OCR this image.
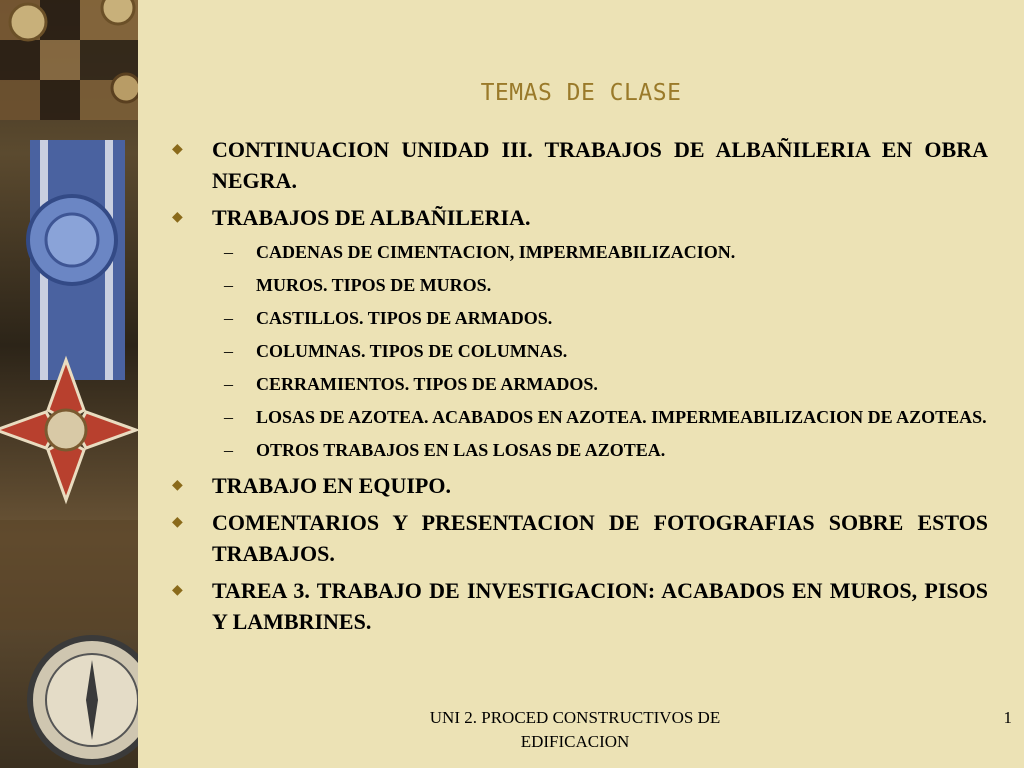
TEMAS DE CLASE
◆ CONTINUACION UNIDAD III. TRABAJOS DE ALBAÑILERIA EN OBRA NEGRA.
◆ TRABAJOS DE ALBAÑILERIA.
– CADENAS DE CIMENTACION, IMPERMEABILIZACION.
– MUROS. TIPOS DE MUROS.
– CASTILLOS. TIPOS DE ARMADOS.
– COLUMNAS. TIPOS DE COLUMNAS.
– CERRAMIENTOS. TIPOS DE ARMADOS.
– LOSAS DE AZOTEA. ACABADOS EN AZOTEA. IMPERMEABILIZACION DE AZOTEAS.
– OTROS TRABAJOS EN LAS LOSAS DE AZOTEA.
◆ TRABAJO EN EQUIPO.
◆ COMENTARIOS Y PRESENTACION DE FOTOGRAFIAS SOBRE ESTOS TRABAJOS.
◆ TAREA 3. TRABAJO DE INVESTIGACION: ACABADOS EN MUROS, PISOS Y LAMBRINES.
UNI 2. PROCED CONSTRUCTIVOS DE EDIFICACION
1
